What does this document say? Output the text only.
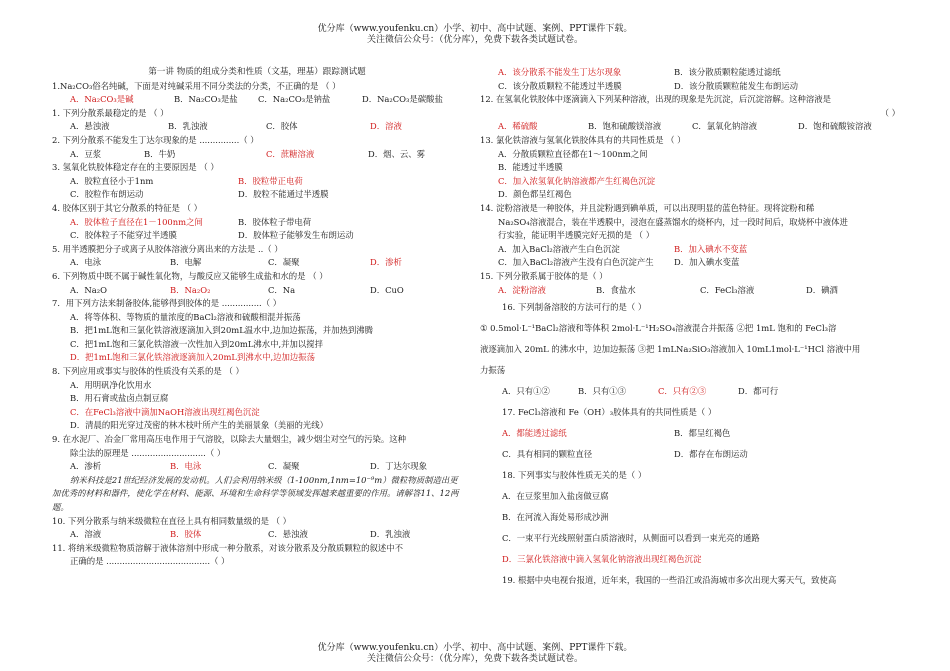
优分库（www.youfenku.cn）小学、初中、高中试题、案例、PPT课件下载。
关注微信公众号：（优分库），免费下载各类试题试卷。
第一讲 物质的组成分类和性质（文基，理基）跟踪测试题
1.Na₂CO₃俗名纯碱，下面是对纯碱采用不同分类法的分类，不正确的是 （ ）
A．Na₂CO₃是碱	B．Na₂CO₃是盐	C．Na₂CO₃是钠盐	D．Na₂CO₃是碳酸盐
1. 下列分散系最稳定的是 （ ）
A．悬浊液	B．乳浊液	C．胶体	D．溶液
2. 下列分散系不能发生丁达尔现象的是 ...............（ ）
A．豆浆	B．牛奶	C．蔗糖溶液	D．烟、云、雾
3. 氢氧化铁胶体稳定存在的主要原因是 （ ）
A．胶粒直径小于1nm	B．胶粒带正电荷
C．胶粒作布朗运动	D．胶粒不能通过半透膜
4. 胶体区别于其它分散系的特征是 （ ）
A．胶体粒子直径在1－100nm之间	B．胶体粒子带电荷
C．胶体粒子不能穿过半透膜	D．胶体粒子能够发生布朗运动
5. 用半透膜把分子或离子从胶体溶液分离出来的方法是 ..（ ）
A．电泳	B．电解	C．凝聚	D．渗析
6. 下列物质中既不属于碱性氧化物，与酸反应又能够生成盐和水的是 （ ）
A．Na₂O	B．Na₂O₂	C．Na	D．CuO
7．用下列方法来制备胶体,能够得到胶体的是 ...............（ ）
A．将等体积、等物质的量浓度的BaCl₂溶液和硫酸相混并振荡
B．把1mL饱和三氯化铁溶液逐滴加入到20mL温水中,边加边振荡，并加热到沸腾
C．把1mL饱和三氯化铁溶液一次性加入到20mL沸水中,并加以搅拌
D．把1mL饱和三氯化铁溶液逐滴加入20mL到沸水中,边加边振荡
8. 下列应用或事实与胶体的性质没有关系的是 （ ）
A．用明矾净化饮用水
B．用石膏或盐卤点制豆腐
C．在FeCl₃溶液中滴加NaOH溶液出现红褐色沉淀
D．清晨的阳光穿过茂密的林木枝叶所产生的美丽景象（美丽的光线）
9. 在水泥厂、冶金厂常用高压电作用于气溶胶，以除去大量烟尘，减少烟尘对空气的污染。这种
除尘法的原理是 ............................（ ）
A．渗析	B．电泳	C．凝聚	D．丁达尔现象
纳米科技是21世纪经济发展的发动机。人们会利用纳米级（1-100nm,1nm=10⁻⁹m）微粒物质制造出更加优秀的材料和器件，使化学在材料、能源、环境和生命科学等领域发挥越来越重要的作用。请解答11、12两题。
10. 下列分散系与纳米级微粒在直径上具有相同数量级的是 （ ）
A．溶液	B．胶体	C．悬浊液	D．乳浊液
11. 将纳米级微粒物质溶解于液体溶剂中形成一种分散系，对该分散系及分散质颗粒的叙述中不
正确的是 .......................................（ ）
A．该分散系不能发生丁达尔现象	B．该分散质颗粒能透过滤纸
C．该分散质颗粒不能透过半透膜	D．该分散质颗粒能发生布朗运动
12. 在氢氧化铁胶体中逐滴滴入下列某种溶液，出现的现象是先沉淀，后沉淀溶解。这种溶液是
（ ）
A．稀硫酸	B．饱和硫酸镁溶液	C．氯氧化钠溶液	D．饱和硫酸铵溶液
13. 氯化铁溶液与氢氧化铁胶体具有的共同性质是 （ ）
A．分散质颗粒直径都在1～100nm之间
B．能透过半透膜
C．加入浓氢氧化钠溶液都产生红褐色沉淀
D．颜色都呈红褐色
14. 淀粉溶液是一种胶体，并且淀粉遇到碘单质，可以出现明显的蓝色特征。现将淀粉和稀
Na₂SO₄溶液混合，装在半透膜中，浸泡在盛蒸馏水的烧杯内，过一段时间后，取烧杯中液体进
行实验，能证明半透膜完好无损的是 （ ）
A．加入BaCl₂溶液产生白色沉淀	B．加入碘水不变蓝
C．加入BaCl₂溶液产生没有白色沉淀产生	D．加入碘水变蓝
15. 下列分散系属于胶体的是（ ）
A．淀粉溶液	B．食盐水	C．FeCl₃溶液	D．碘酒
16. 下列制备溶胶的方法可行的是（ ）
① 0.5mol·L⁻¹BaCl₂溶液和等体积 2mol·L⁻¹H₂SO₄溶液混合并振荡 ②把 1mL 饱和的 FeCl₃溶
液逐滴加入 20mL 的沸水中，边加边振荡 ③把 1mLNa₂SiO₃溶液加入 10mL1mol·L⁻¹HCl 溶液中用
力振荡
A．只有①②	B．只有①③	C．只有②③	D．都可行
17. FeCl₃溶液和 Fe（OH）₃胶体具有的共同性质是（ ）
A．都能透过滤纸	B．都呈红褐色
C．具有相同的颗粒直径	D．都存在布朗运动
18. 下列事实与胶体性质无关的是（ ）
A．在豆浆里加入盐卤做豆腐
B．在河流入海处易形成沙洲
C．一束平行光线照射蛋白质溶液时，从侧面可以看到一束光亮的通路
D．三氯化铁溶液中滴入氢氧化钠溶液出现红褐色沉淀
19. 根据中央电视台报道，近年来，我国的一些沿江或沿海城市多次出现大雾天气，致使高
优分库（www.youfenku.cn）小学、初中、高中试题、案例、PPT课件下载。
关注微信公众号：（优分库），免费下载各类试题试卷。
